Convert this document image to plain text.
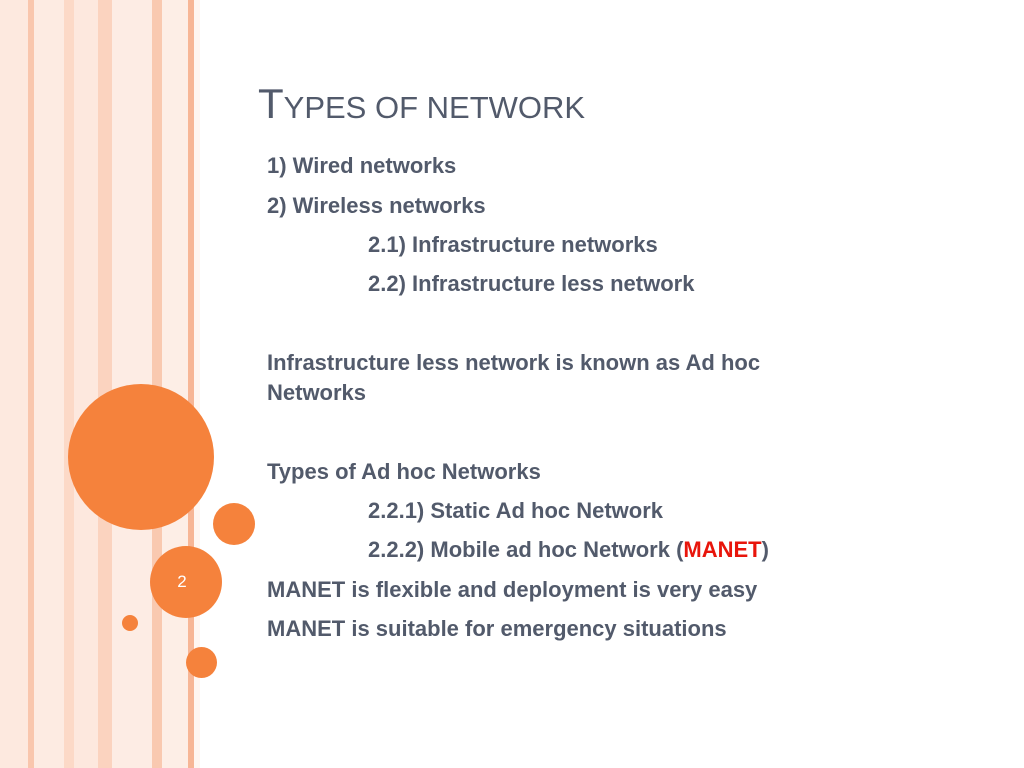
2
TYPES OF NETWORK
1) Wired networks
2) Wireless networks
2.1) Infrastructure networks
2.2) Infrastructure less network
Infrastructure less network is known as Ad hoc
Networks
Types of Ad hoc Networks
2.2.1) Static Ad hoc Network
2.2.2) Mobile ad hoc Network (MANET)
MANET is flexible and deployment is very easy
MANET is suitable for emergency situations
